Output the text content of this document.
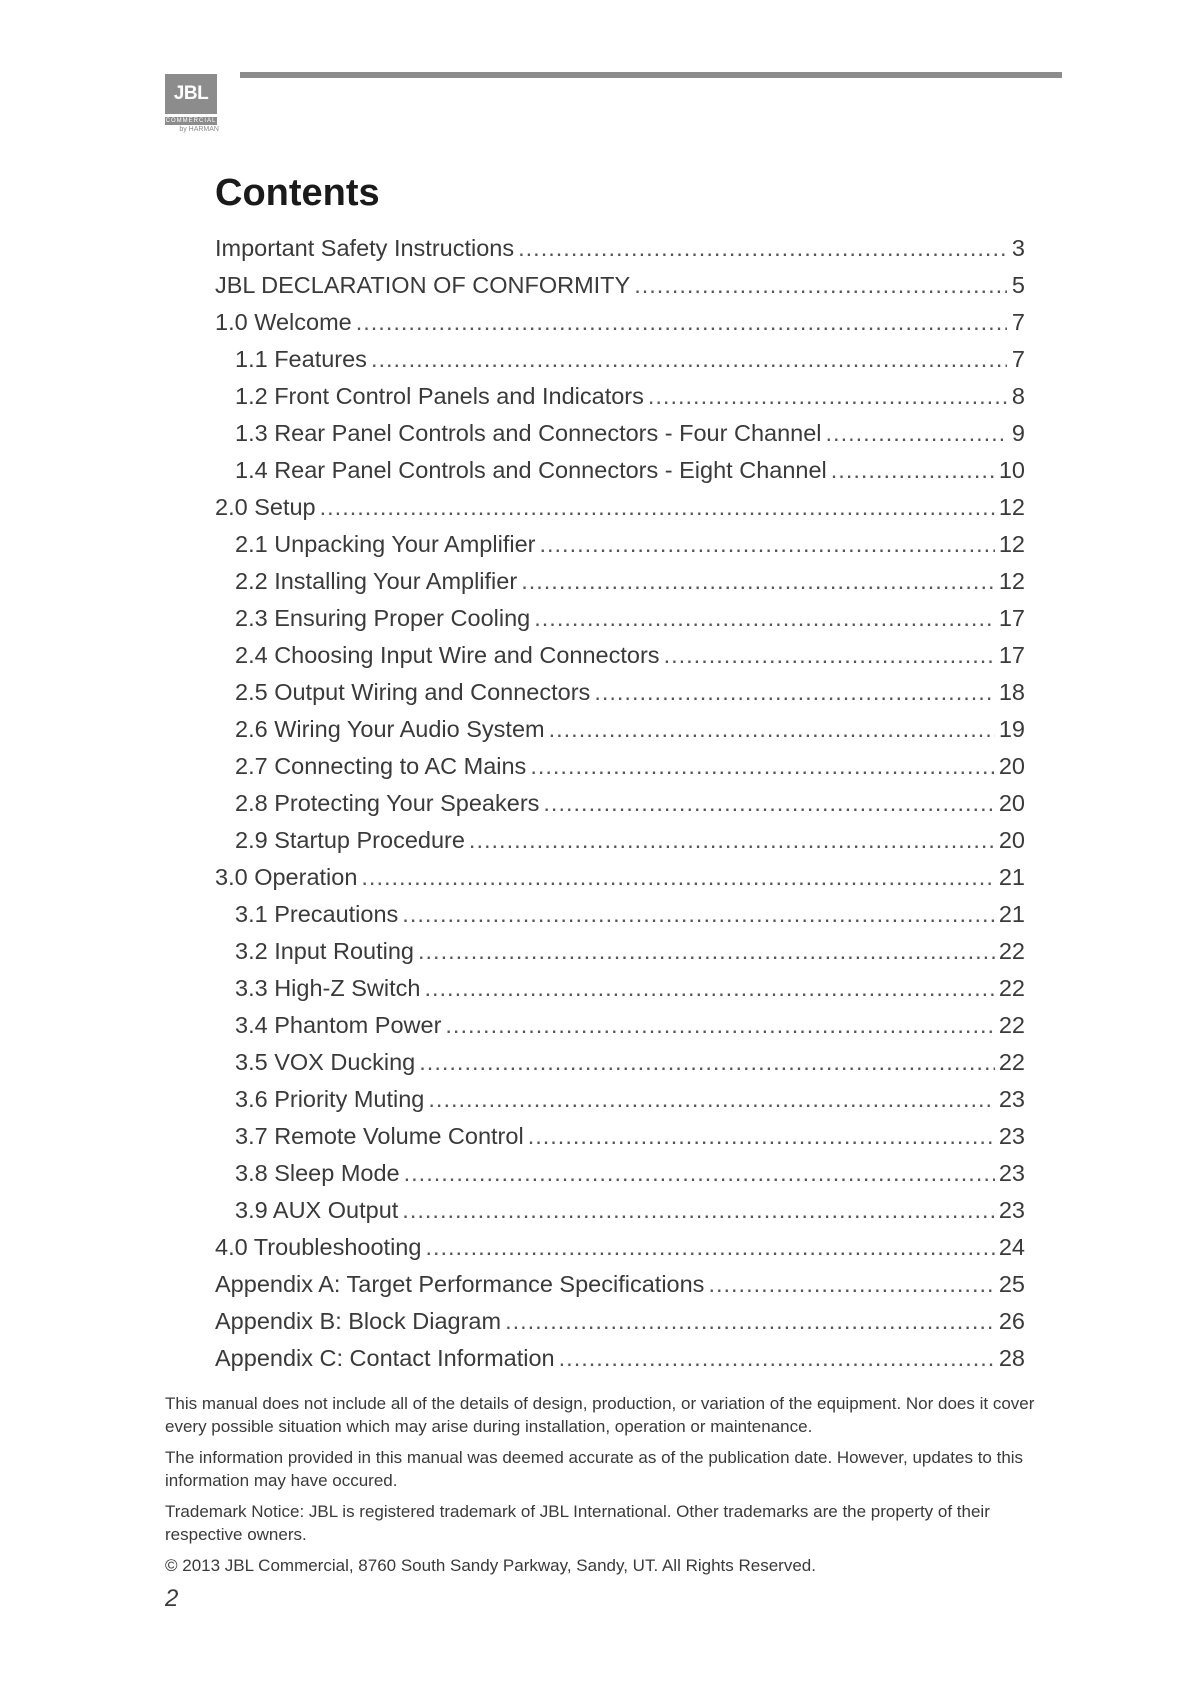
JBL
COMMERCIAL
by HARMAN
Contents
Important Safety Instructions .....	3
JBL DECLARATION OF CONFORMITY .....	5
1.0 Welcome .....	7
1.1 Features .....	7
1.2 Front Control Panels and Indicators .....	8
1.3 Rear Panel Controls and Connectors - Four Channel .....	9
1.4 Rear Panel Controls and Connectors - Eight Channel .....	10
2.0 Setup .....	12
2.1 Unpacking Your Amplifier .....	12
2.2 Installing Your Amplifier .....	12
2.3 Ensuring Proper Cooling .....	17
2.4 Choosing Input Wire and Connectors .....	17
2.5 Output Wiring and Connectors .....	18
2.6 Wiring Your Audio System .....	19
2.7 Connecting to AC Mains .....	20
2.8 Protecting Your Speakers .....	20
2.9 Startup Procedure .....	20
3.0 Operation .....	21
3.1 Precautions .....	21
3.2 Input Routing .....	22
3.3 High-Z Switch .....	22
3.4 Phantom Power .....	22
3.5 VOX Ducking .....	22
3.6 Priority Muting .....	23
3.7 Remote Volume Control .....	23
3.8 Sleep Mode .....	23
3.9 AUX Output .....	23
4.0 Troubleshooting .....	24
Appendix A: Target Performance Specifications .....	25
Appendix B: Block Diagram .....	26
Appendix C: Contact Information .....	28

This manual does not include all of the details of design, production, or variation of the equipment. Nor does it cover every possible situation which may arise during installation, operation or maintenance.

The information provided in this manual was deemed accurate as of the publication date. However, updates to this information may have occured.

Trademark Notice: JBL is registered trademark of JBL International. Other trademarks are the property of their respective owners.

© 2013 JBL Commercial, 8760 South Sandy Parkway, Sandy, UT. All Rights Reserved.

2
